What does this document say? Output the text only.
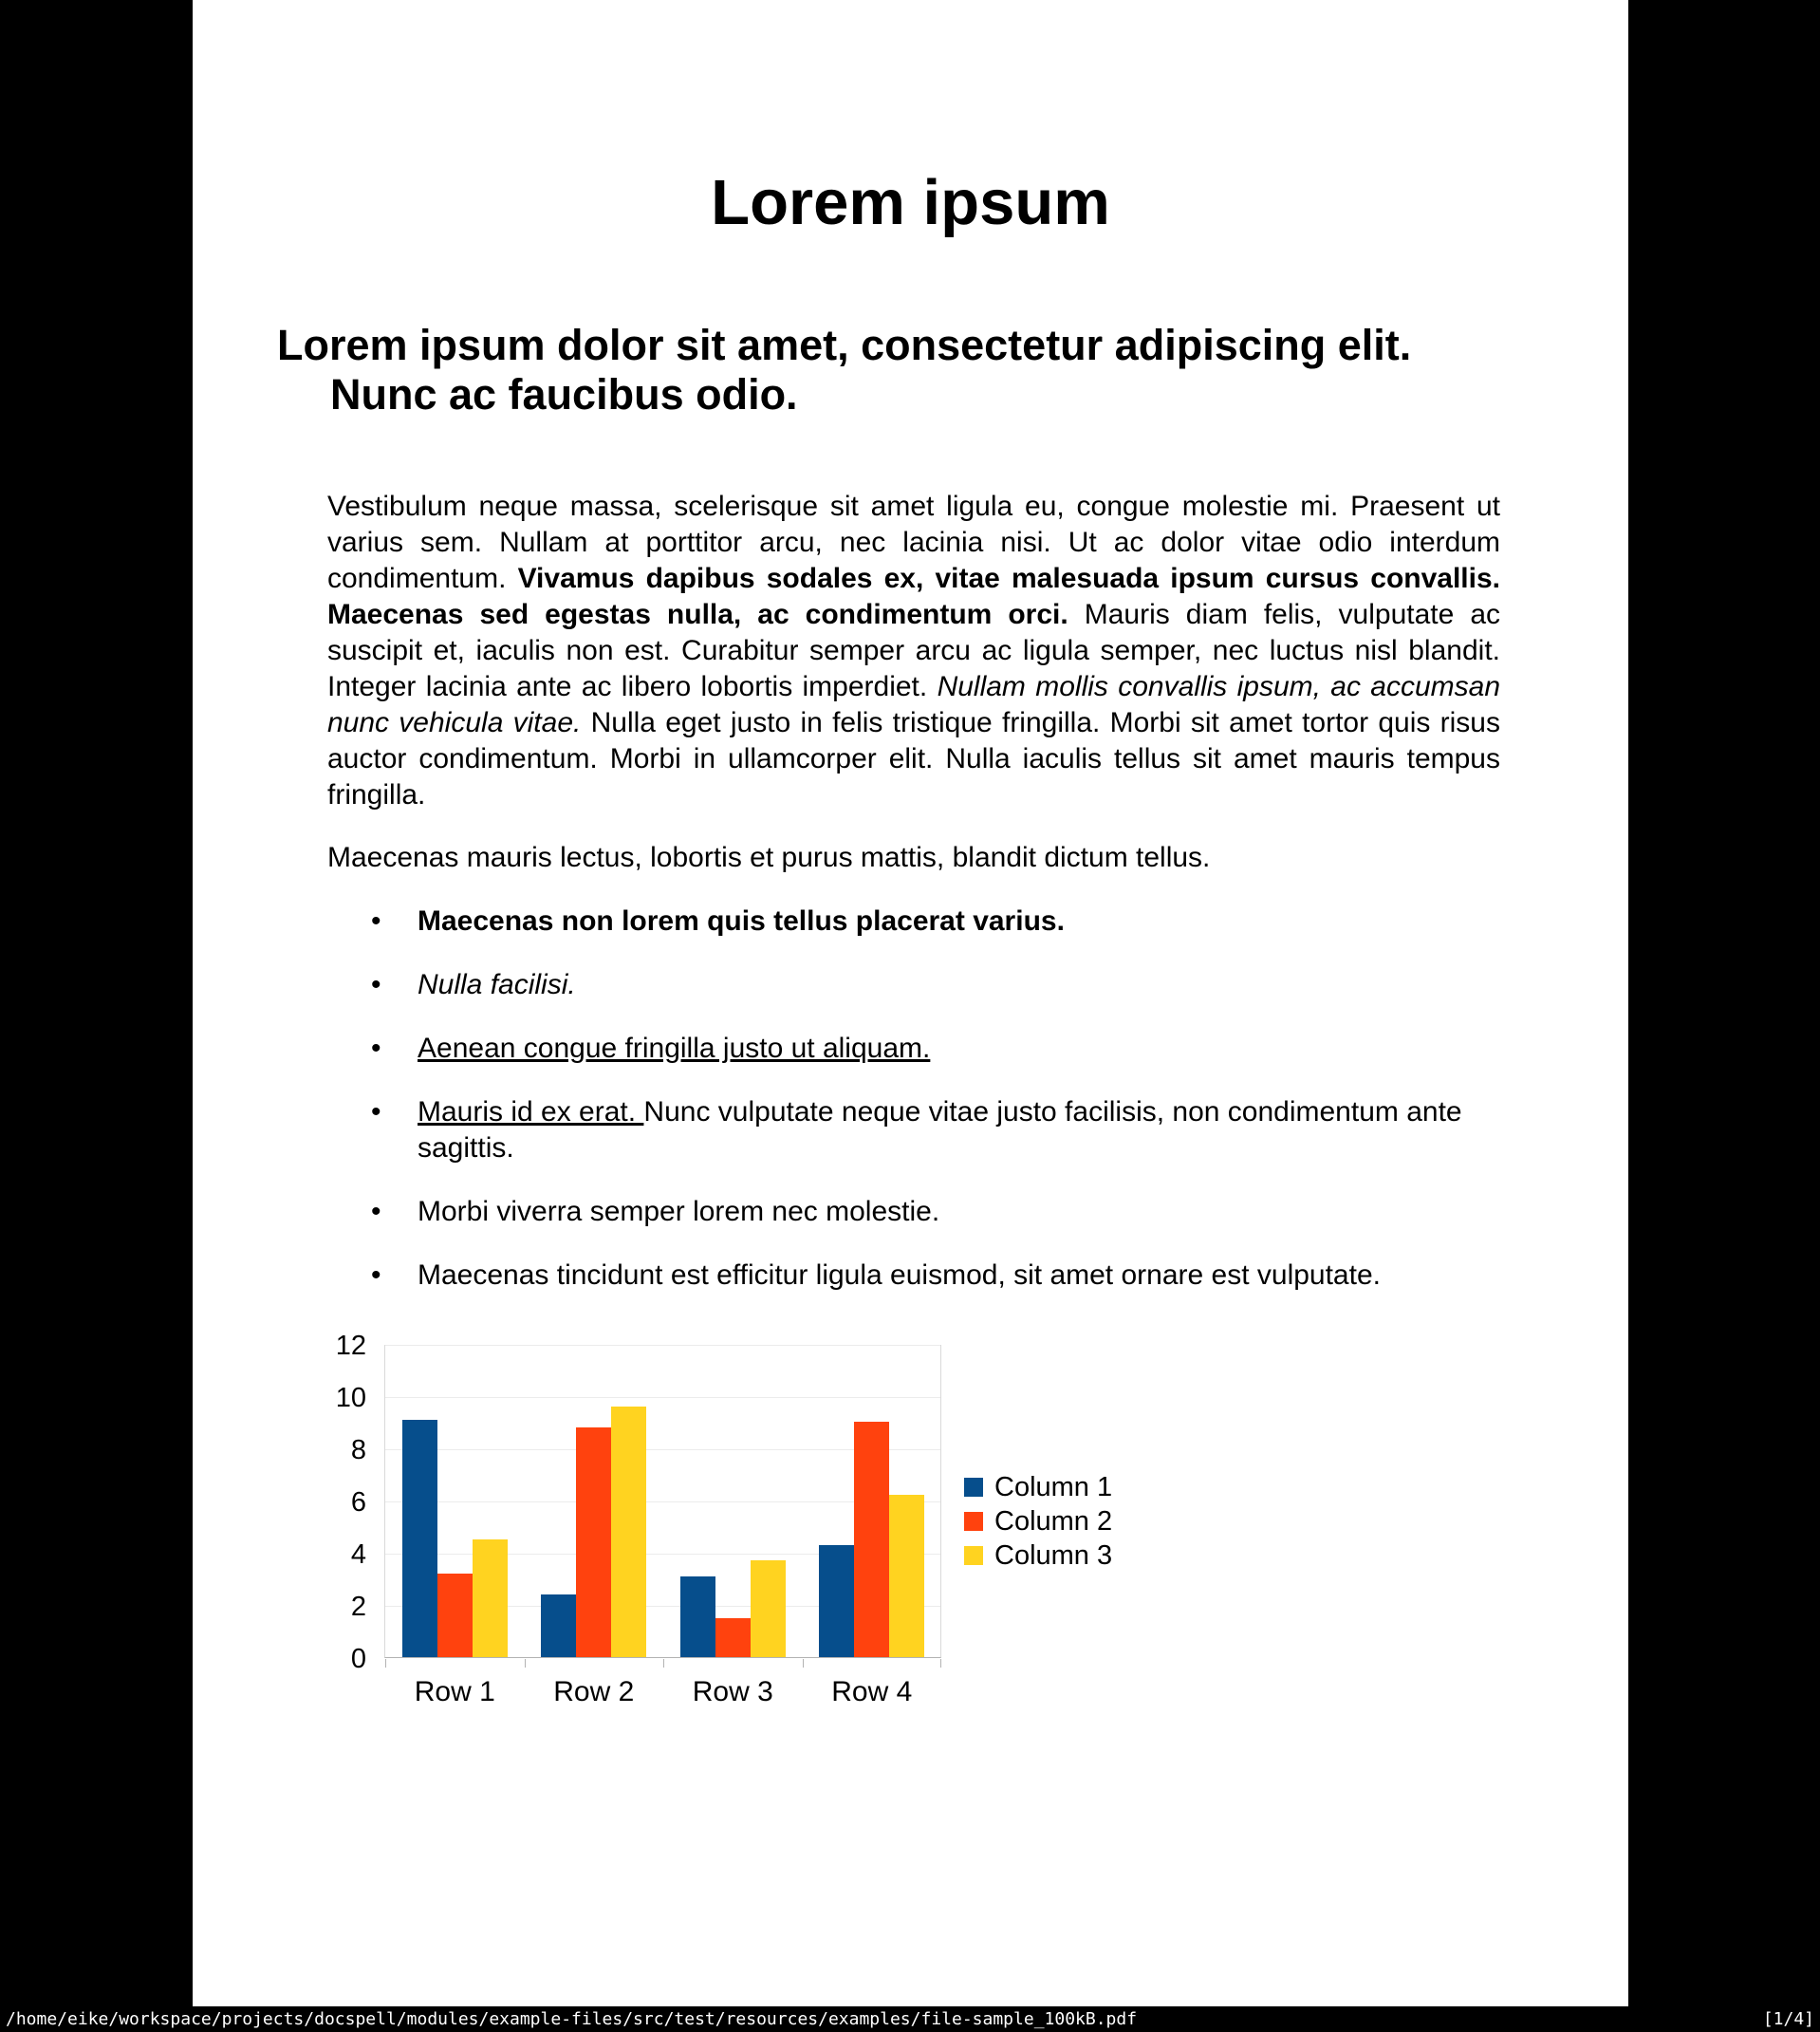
Lorem ipsum
Lorem ipsum dolor sit amet, consectetur adipiscing elit.
Nunc ac faucibus odio.

Vestibulum neque massa, scelerisque sit amet ligula eu, congue molestie mi. Praesent ut varius sem. Nullam at porttitor arcu, nec lacinia nisi. Ut ac dolor vitae odio interdum condimentum. Vivamus dapibus sodales ex, vitae malesuada ipsum cursus convallis. Maecenas sed egestas nulla, ac condimentum orci. Mauris diam felis, vulputate ac suscipit et, iaculis non est. Curabitur semper arcu ac ligula semper, nec luctus nisl blandit. Integer lacinia ante ac libero lobortis imperdiet. Nullam mollis convallis ipsum, ac accumsan nunc vehicula vitae. Nulla eget justo in felis tristique fringilla. Morbi sit amet tortor quis risus auctor condimentum. Morbi in ullamcorper elit. Nulla iaculis tellus sit amet mauris tempus fringilla.

Maecenas mauris lectus, lobortis et purus mattis, blandit dictum tellus.

• Maecenas non lorem quis tellus placerat varius.
• Nulla facilisi.
• Aenean congue fringilla justo ut aliquam.
• Mauris id ex erat. Nunc vulputate neque vitae justo facilisis, non condimentum ante sagittis.
• Morbi viverra semper lorem nec molestie.
• Maecenas tincidunt est efficitur ligula euismod, sit amet ornare est vulputate.
0
2
4
6
8
10
12
Row 1	Row 2	Row 3	Row 4
Column 1
Column 2
Column 3
/home/eike/workspace/projects/docspell/modules/example-files/src/test/resources/examples/file-sample_100kB.pdf	[1/4]
